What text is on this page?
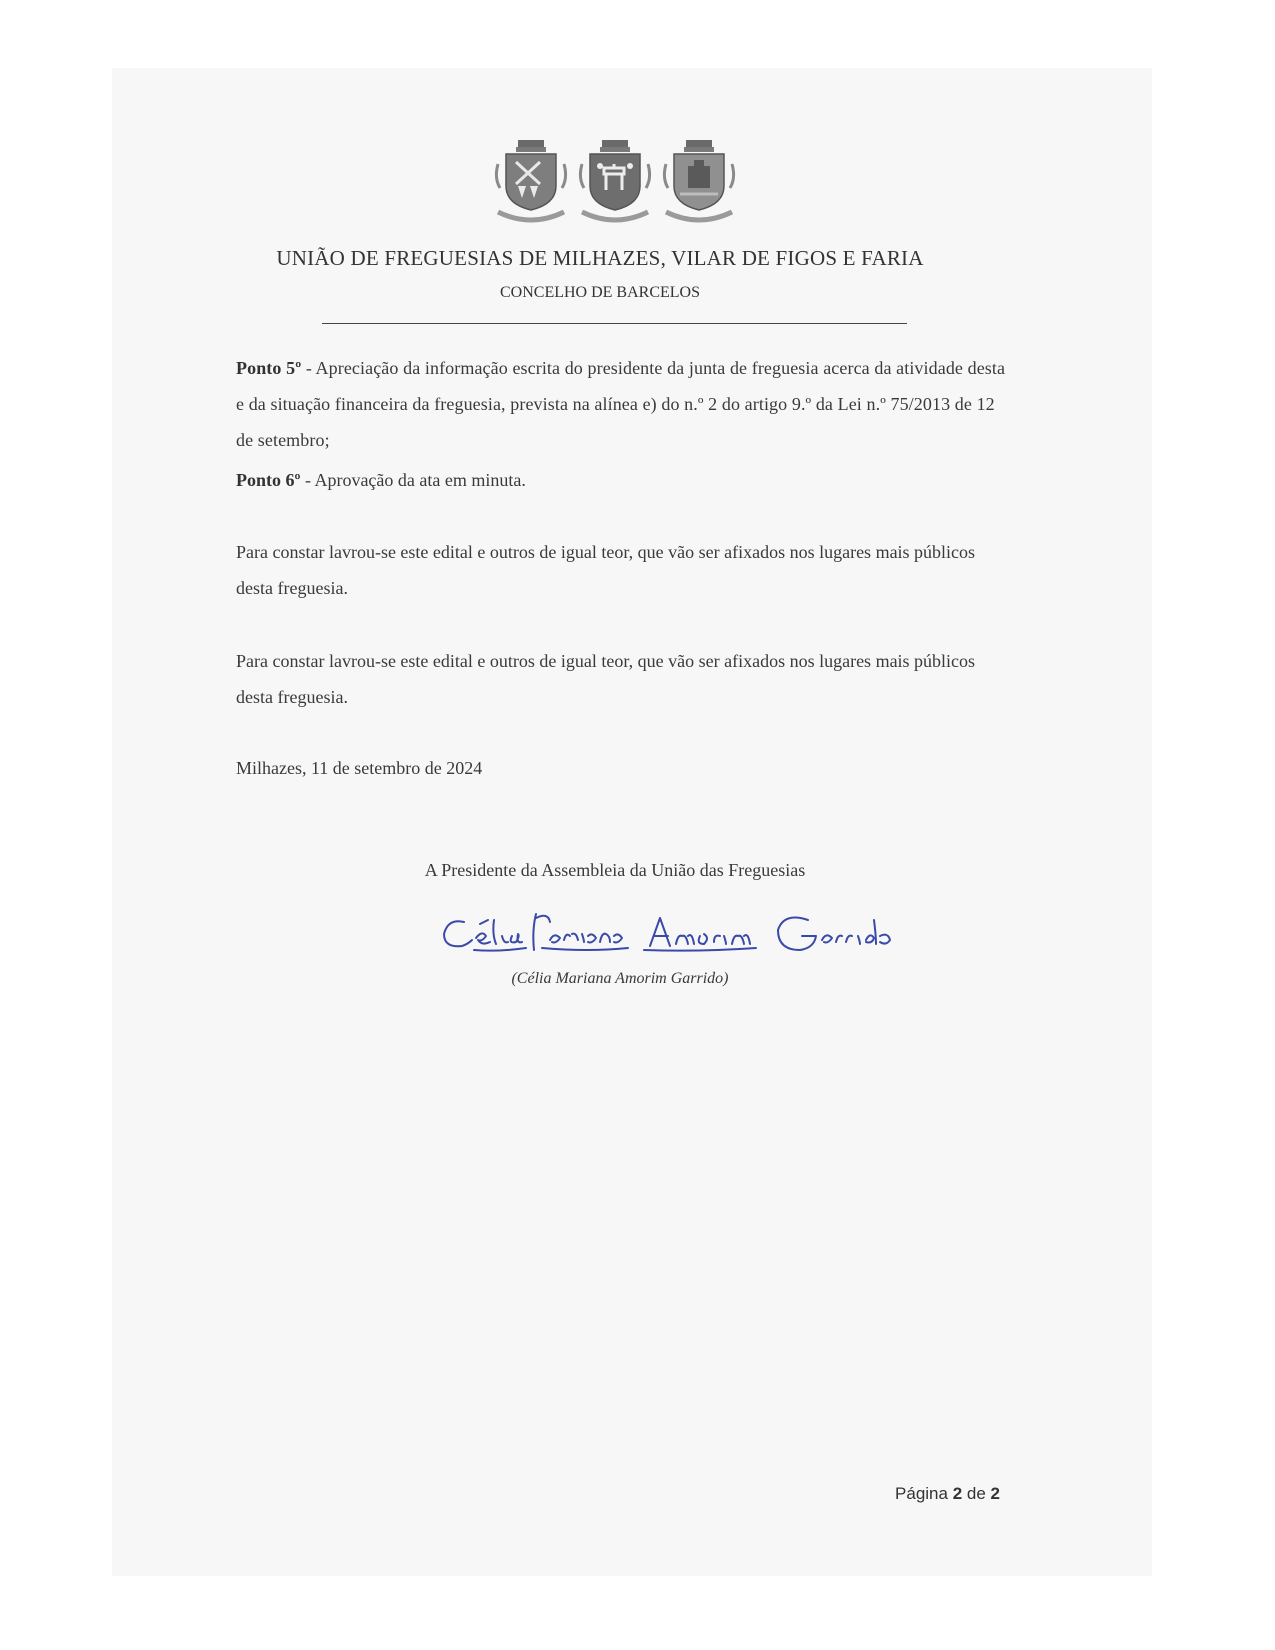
UNIÃO DE FREGUESIAS DE MILHAZES, VILAR DE FIGOS E FARIA
CONCELHO DE BARCELOS

Ponto 5º - Apreciação da informação escrita do presidente da junta de freguesia acerca da atividade desta e da situação financeira da freguesia, prevista na alínea e) do n.º 2 do artigo 9.º da Lei n.º 75/2013 de 12 de setembro;

Ponto 6º - Aprovação da ata em minuta.

Para constar lavrou-se este edital e outros de igual teor, que vão ser afixados nos lugares mais públicos desta freguesia.

Para constar lavrou-se este edital e outros de igual teor, que vão ser afixados nos lugares mais públicos desta freguesia.

Milhazes, 11 de setembro de 2024

A Presidente da Assembleia da União das Freguesias
(Célia Mariana Amorim Garrido)
Página 2 de 2
